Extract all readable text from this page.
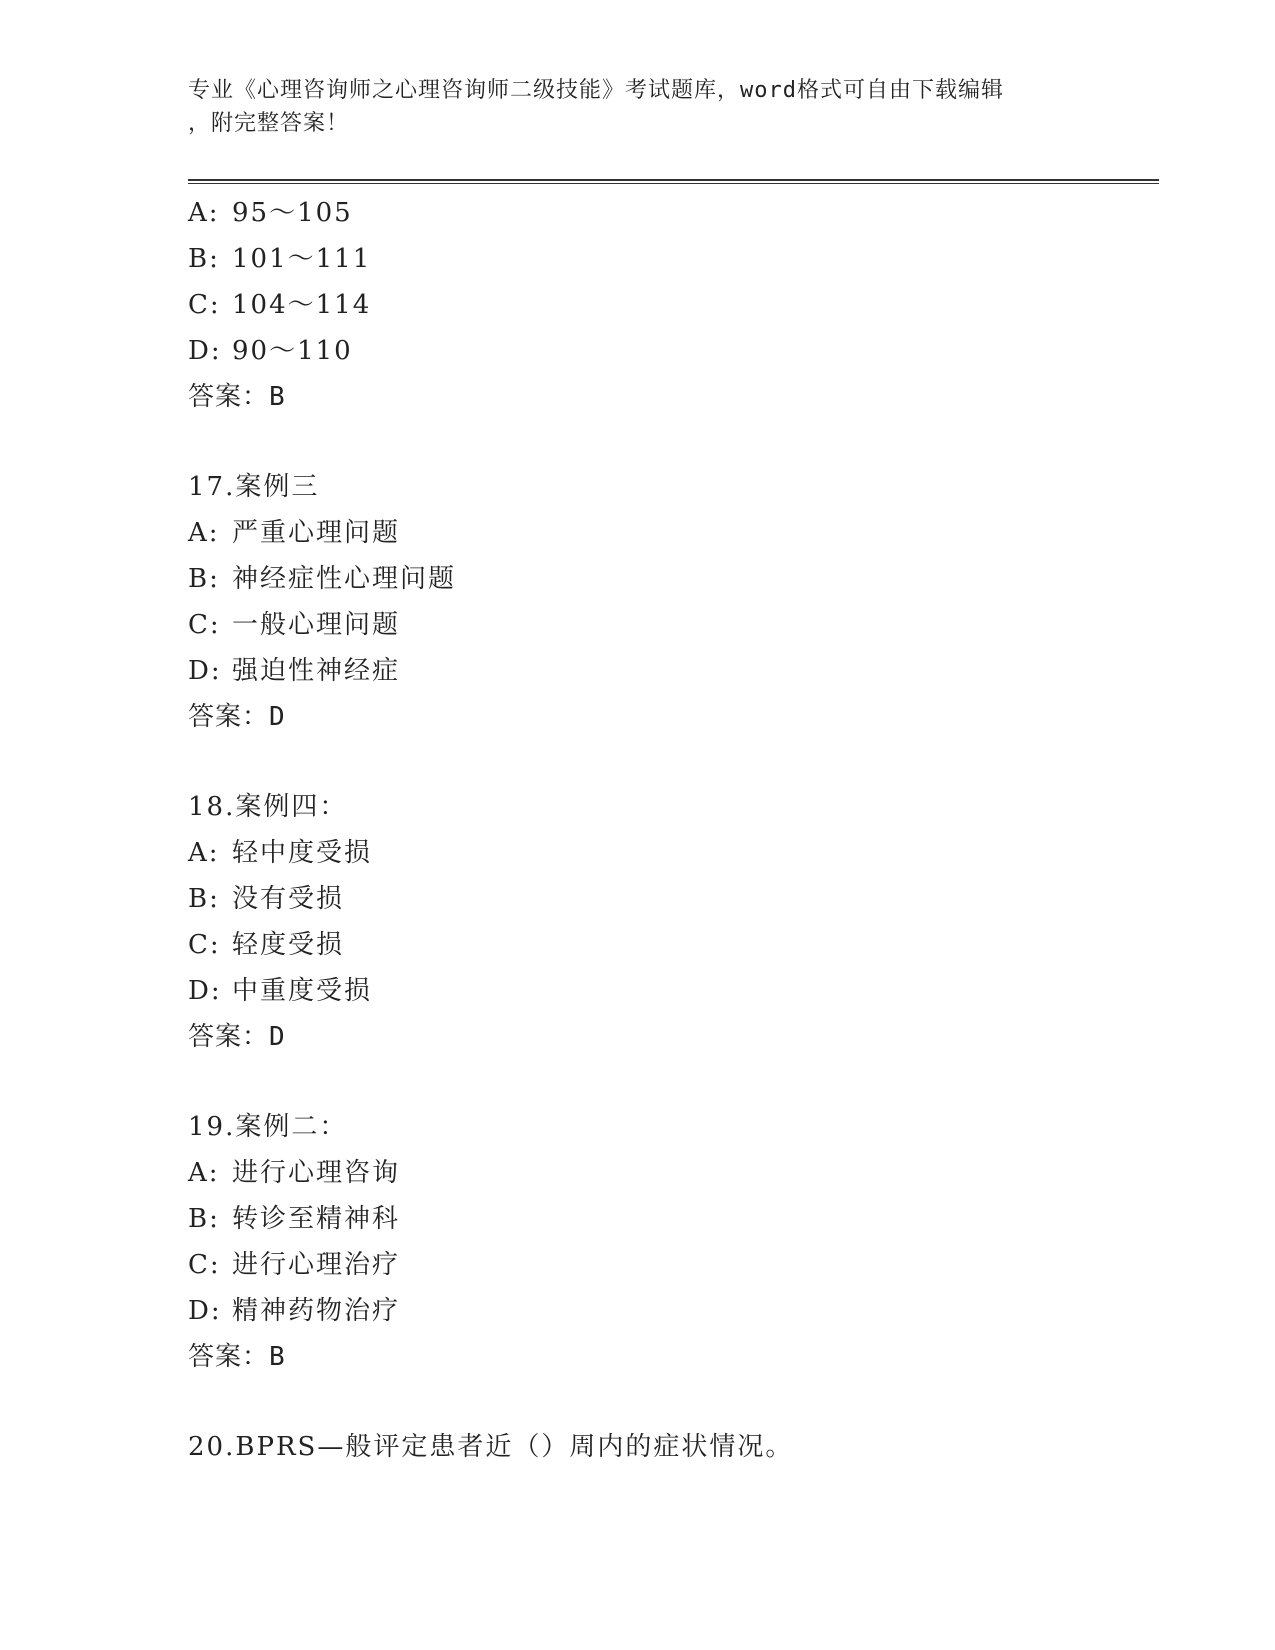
专业《心理咨询师之心理咨询师二级技能》考试题库，word格式可自由下载编辑
，附完整答案！
A: 95～105
B: 101～111
C: 104～114
D: 90～110
答案：B
17.案例三
A: 严重心理问题
B: 神经症性心理问题
C: 一般心理问题
D: 强迫性神经症
答案：D
18.案例四：
A: 轻中度受损
B: 没有受损
C: 轻度受损
D: 中重度受损
答案：D
19.案例二：
A: 进行心理咨询
B: 转诊至精神科
C: 进行心理治疗
D: 精神药物治疗
答案：B
20.BPRS—般评定患者近（）周内的症状情况。
